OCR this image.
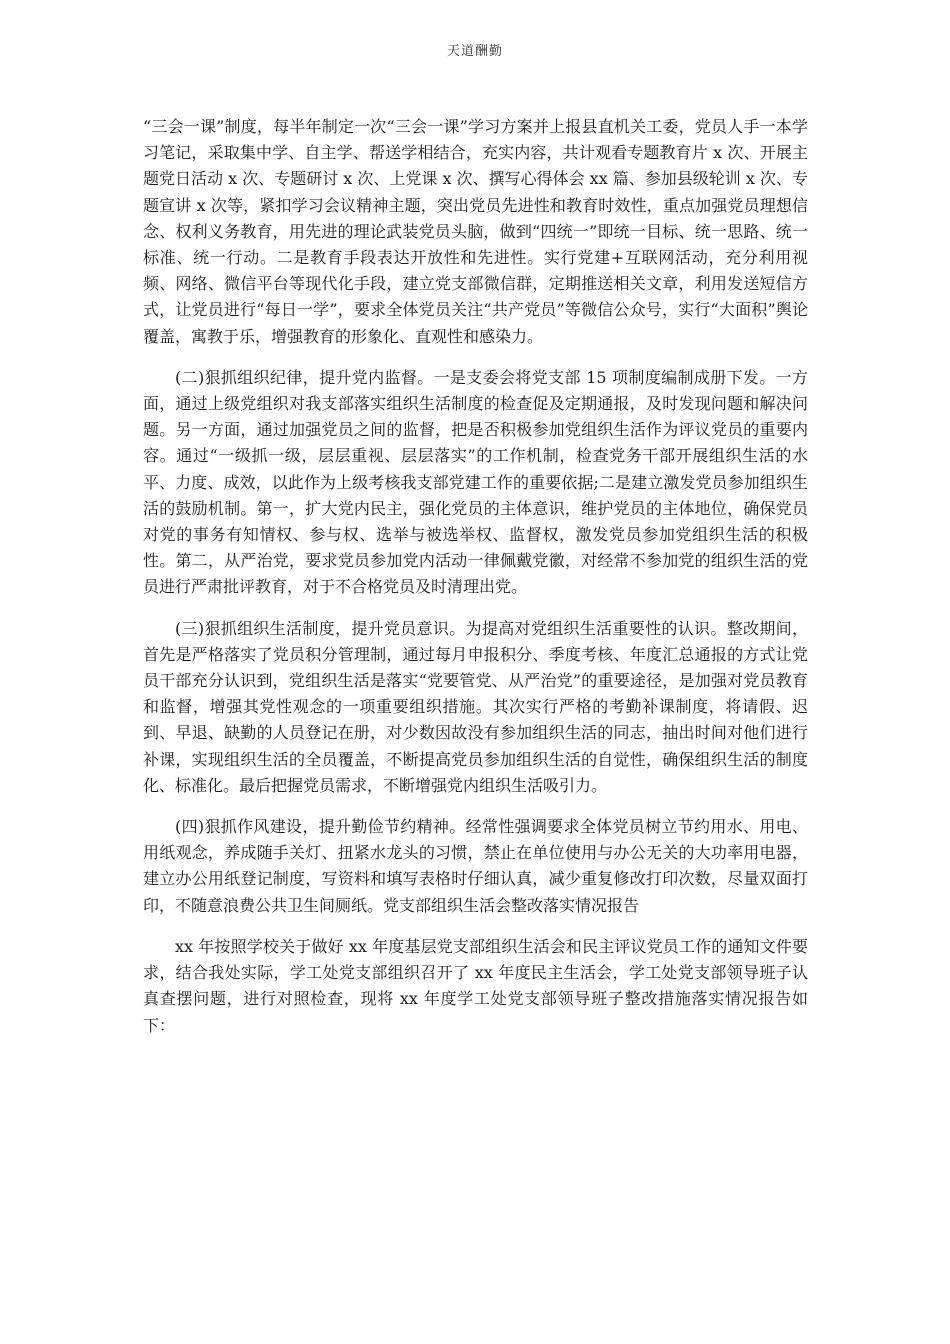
天道酬勤

“三会一课”制度，每半年制定一次“三会一课”学习方案并上报县直机关工委，党员人手一本学习笔记，采取集中学、自主学、帮送学相结合，充实内容，共计观看专题教育片 x 次、开展主题党日活动 x 次、专题研讨 x 次、上党课 x 次、撰写心得体会 xx 篇、参加县级轮训 x 次、专题宣讲 x 次等，紧扣学习会议精神主题，突出党员先进性和教育时效性，重点加强党员理想信念、权利义务教育，用先进的理论武装党员头脑，做到“四统一”即统一目标、统一思路、统一标准、统一行动。二是教育手段表达开放性和先进性。实行党建+互联网活动，充分利用视频、网络、微信平台等现代化手段，建立党支部微信群，定期推送相关文章，利用发送短信方式，让党员进行“每日一学”，要求全体党员关注“共产党员”等微信公众号，实行“大面积”舆论覆盖，寓教于乐，增强教育的形象化、直观性和感染力。

(二)狠抓组织纪律，提升党内监督。一是支委会将党支部 15 项制度编制成册下发。一方面，通过上级党组织对我支部落实组织生活制度的检查促及定期通报，及时发现问题和解决问题。另一方面，通过加强党员之间的监督，把是否积极参加党组织生活作为评议党员的重要内容。通过“一级抓一级，层层重视、层层落实”的工作机制，检查党务干部开展组织生活的水平、力度、成效，以此作为上级考核我支部党建工作的重要依据;二是建立激发党员参加组织生活的鼓励机制。第一，扩大党内民主，强化党员的主体意识，维护党员的主体地位，确保党员对党的事务有知情权、参与权、选举与被选举权、监督权，激发党员参加党组织生活的积极性。第二，从严治党，要求党员参加党内活动一律佩戴党徽，对经常不参加党的组织生活的党员进行严肃批评教育，对于不合格党员及时清理出党。

(三)狠抓组织生活制度，提升党员意识。为提高对党组织生活重要性的认识。整改期间，首先是严格落实了党员积分管理制，通过每月申报积分、季度考核、年度汇总通报的方式让党员干部充分认识到，党组织生活是落实“党要管党、从严治党”的重要途径，是加强对党员教育和监督，增强其党性观念的一项重要组织措施。其次实行严格的考勤补课制度，将请假、迟到、早退、缺勤的人员登记在册，对少数因故没有参加组织生活的同志，抽出时间对他们进行补课，实现组织生活的全员覆盖，不断提高党员参加组织生活的自觉性，确保组织生活的制度化、标准化。最后把握党员需求，不断增强党内组织生活吸引力。

(四)狠抓作风建设，提升勤俭节约精神。经常性强调要求全体党员树立节约用水、用电、用纸观念，养成随手关灯、扭紧水龙头的习惯，禁止在单位使用与办公无关的大功率用电器，建立办公用纸登记制度，写资料和填写表格时仔细认真，减少重复修改打印次数，尽量双面打印，不随意浪费公共卫生间厕纸。党支部组织生活会整改落实情况报告

xx 年按照学校关于做好 xx 年度基层党支部组织生活会和民主评议党员工作的通知文件要求，结合我处实际，学工处党支部组织召开了 xx 年度民主生活会，学工处党支部领导班子认真查摆问题，进行对照检查，现将 xx 年度学工处党支部领导班子整改措施落实情况报告如下：
